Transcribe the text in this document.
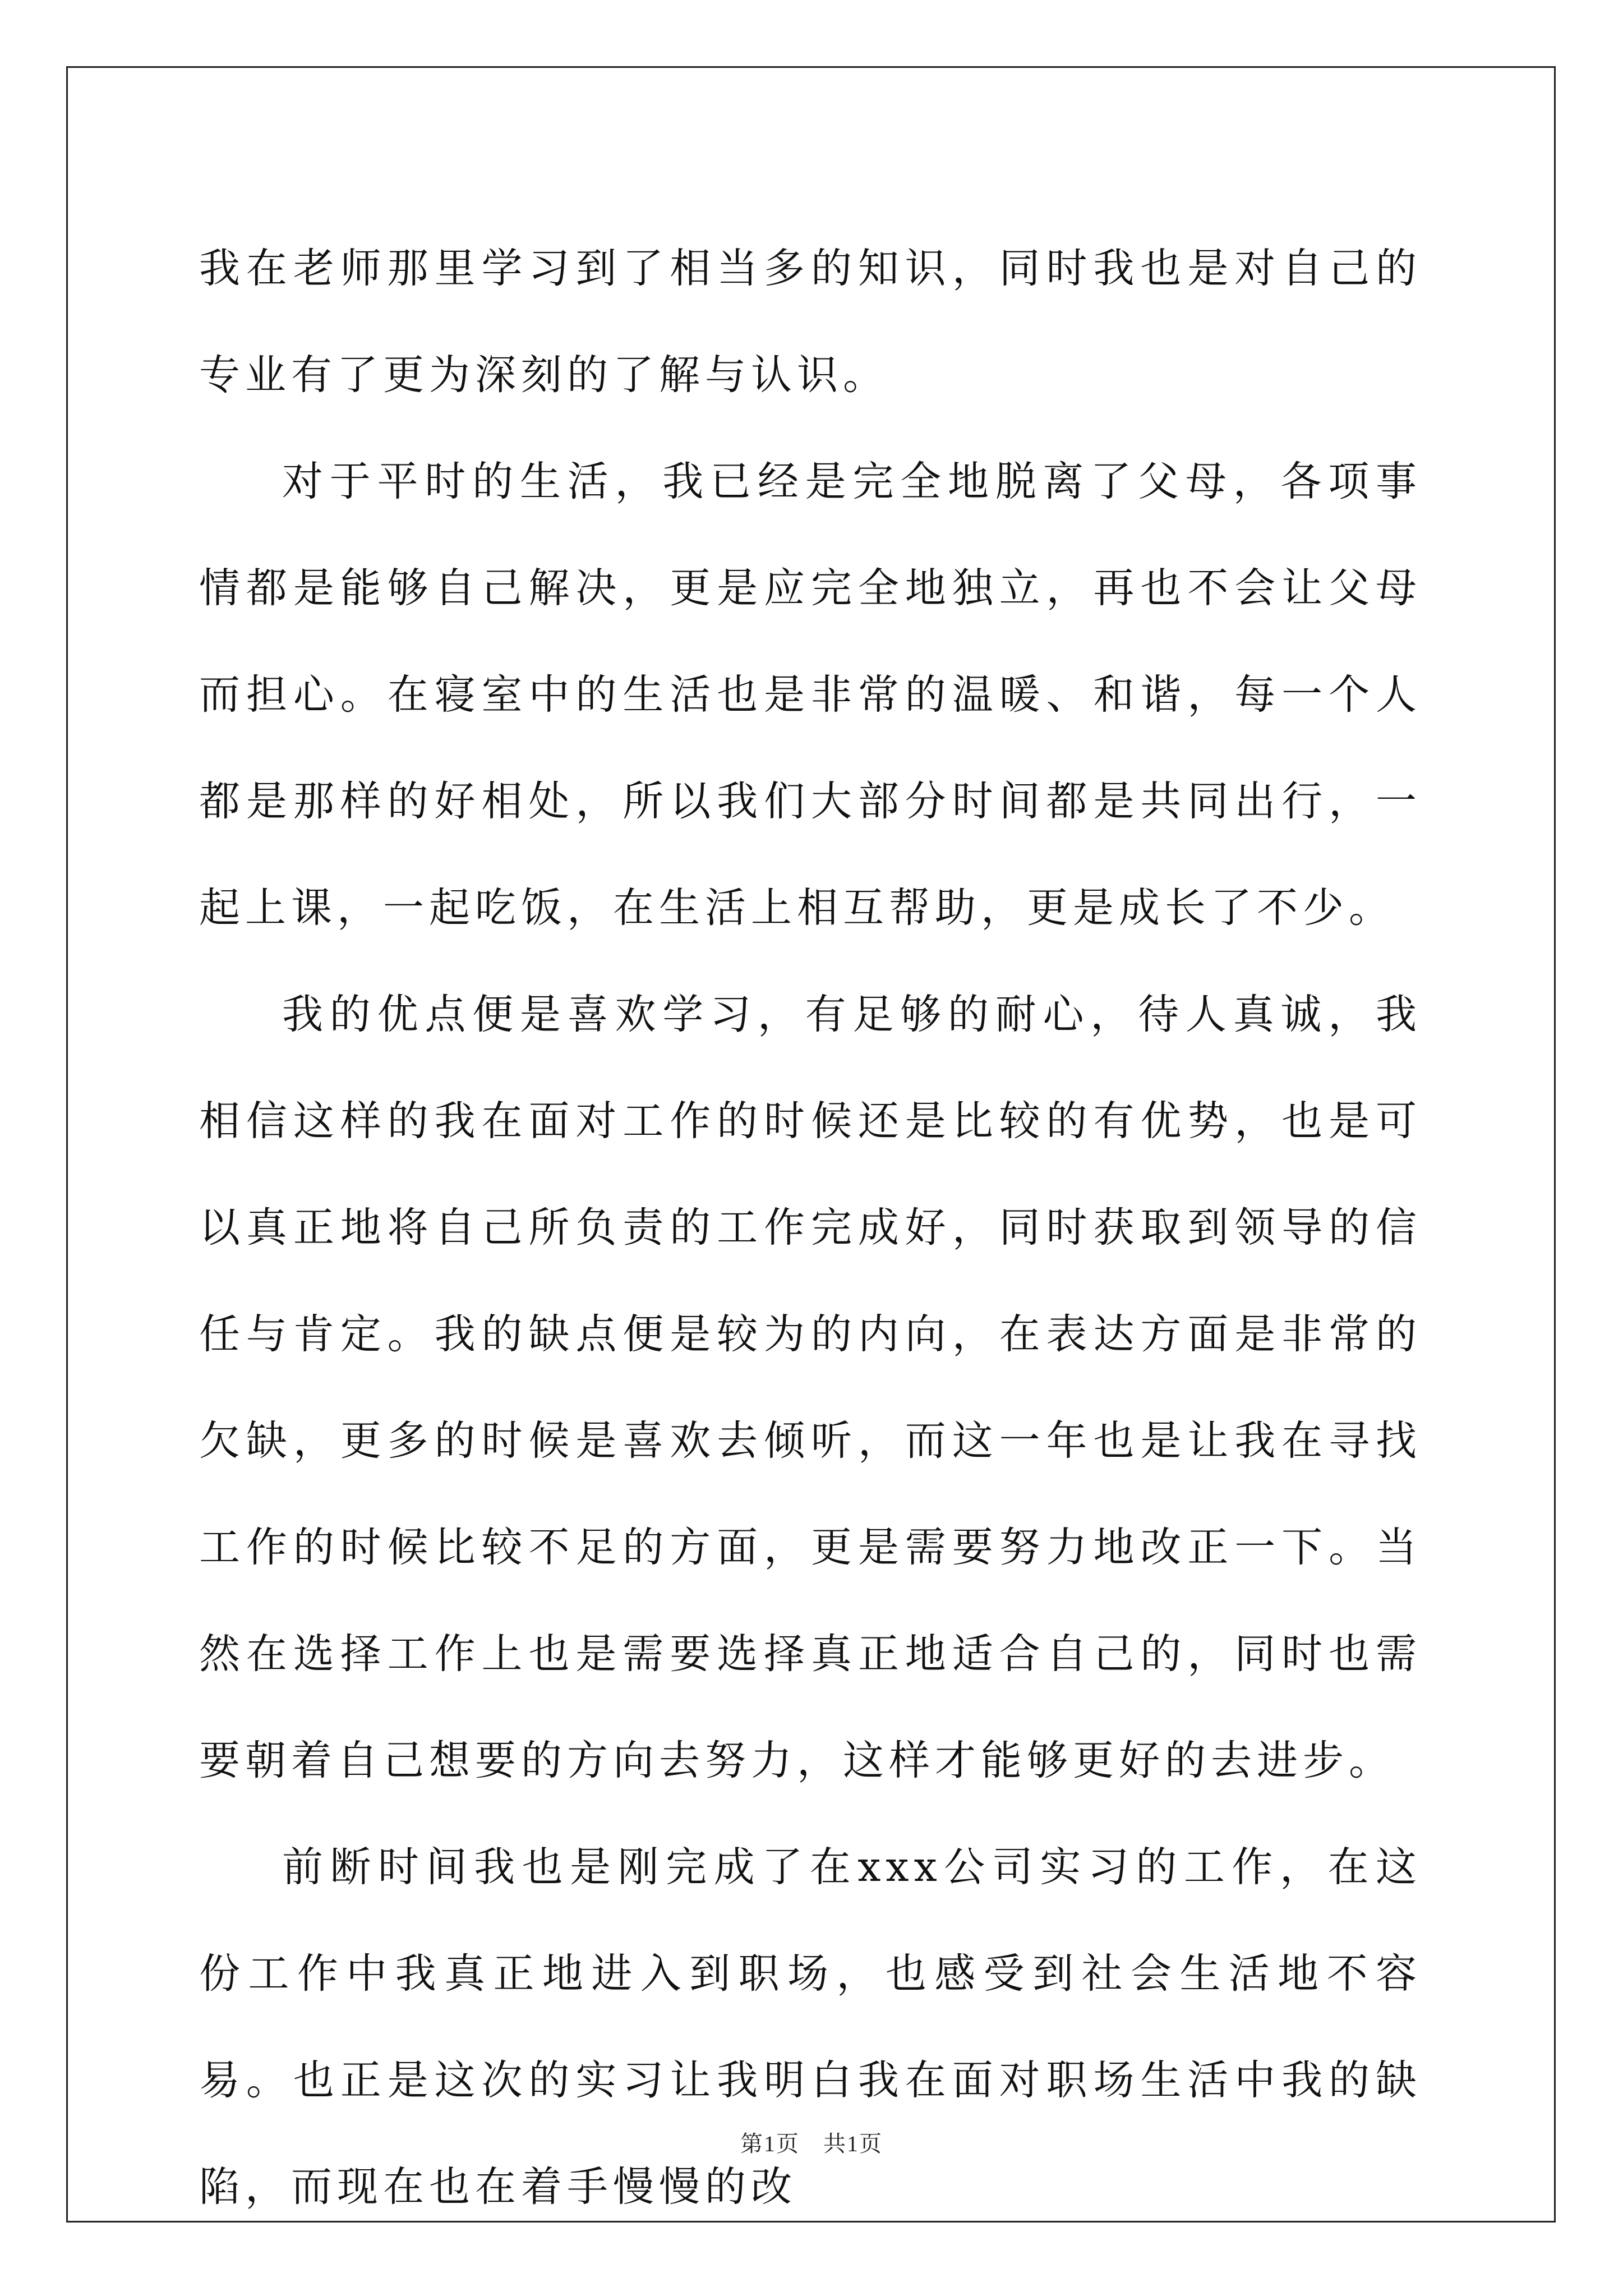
我在老师那里学习到了相当多的知识，同时我也是对自己的专业有了更为深刻的了解与认识。

对于平时的生活，我已经是完全地脱离了父母，各项事情都是能够自己解决，更是应完全地独立，再也不会让父母而担心。在寝室中的生活也是非常的温暖、和谐，每一个人都是那样的好相处，所以我们大部分时间都是共同出行，一起上课，一起吃饭，在生活上相互帮助，更是成长了不少。

我的优点便是喜欢学习，有足够的耐心，待人真诚，我相信这样的我在面对工作的时候还是比较的有优势，也是可以真正地将自己所负责的工作完成好，同时获取到领导的信任与肯定。我的缺点便是较为的内向，在表达方面是非常的欠缺，更多的时候是喜欢去倾听，而这一年也是让我在寻找工作的时候比较不足的方面，更是需要努力地改正一下。当然在选择工作上也是需要选择真正地适合自己的，同时也需要朝着自己想要的方向去努力，这样才能够更好的去进步。

前断时间我也是刚完成了在xxx公司实习的工作，在这份工作中我真正地进入到职场，也感受到社会生活地不容易。也正是这次的实习让我明白我在面对职场生活中我的缺陷，而现在也在着手慢慢的改

第1页　共1页
